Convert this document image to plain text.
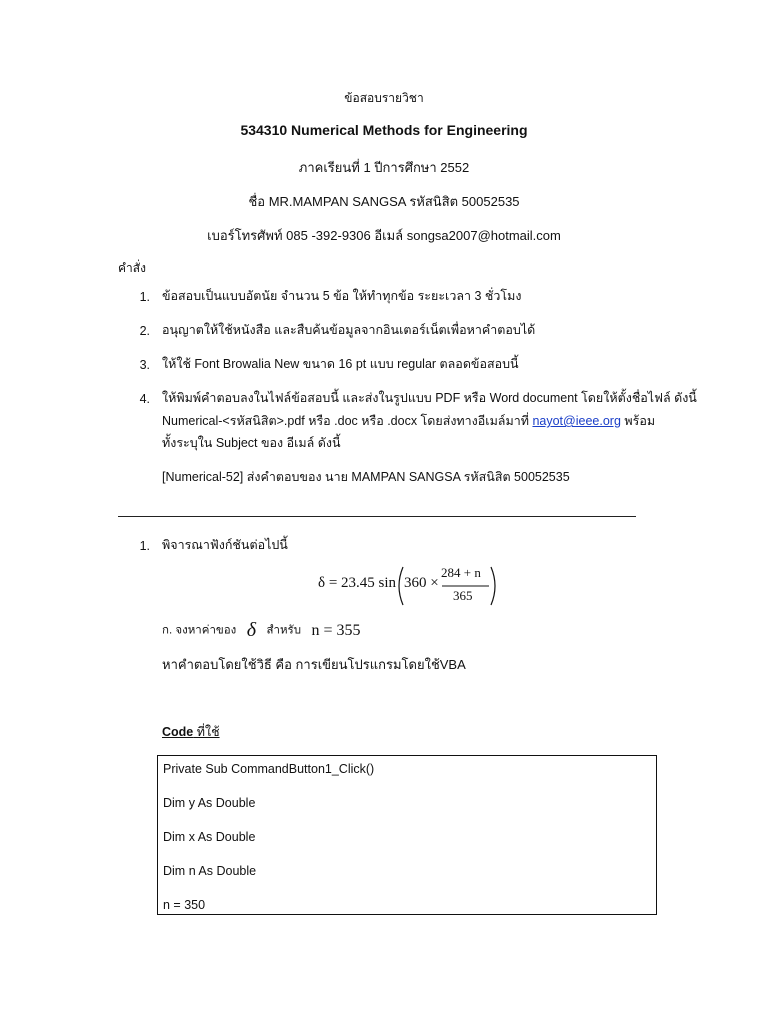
ข้อสอบรายวิชา
534310 Numerical Methods for Engineering
ภาคเรียนที่ 1 ปีการศึกษา 2552
ชื่อ MR.MAMPAN SANGSA รหัสนิสิต 50052535
เบอร์โทรศัพท์ 085 -392-9306 อีเมล์ songsa2007@hotmail.com
คำสั่ง
1. ข้อสอบเป็นแบบอัตนัย จำนวน 5 ข้อ ให้ทำทุกข้อ ระยะเวลา 3 ชั่วโมง
2. อนุญาตให้ใช้หนังสือ และสืบค้นข้อมูลจากอินเตอร์เน็ตเพื่อหาคำตอบได้
3. ให้ใช้ Font Browalia New ขนาด 16 pt แบบ regular ตลอดข้อสอบนี้
4. ให้พิมพ์คำตอบลงในไฟล์ข้อสอบนี้ และส่งในรูปแบบ PDF หรือ Word document โดยให้ตั้งชื่อไฟล์ ดังนี้
Numerical-<รหัสนิสิต>.pdf หรือ .doc หรือ .docx โดยส่งทางอีเมล์มาที่ nayot@ieee.org พร้อม
ทั้งระบุใน Subject ของ อีเมล์ ดังนี้
[Numerical-52] ส่งคำตอบของ นาย MAMPAN SANGSA รหัสนิสิต 50052535
1. พิจารณาฟังก์ชันต่อไปนี้
δ = 23.45 sin 360 ×
284 + n
365
ก. จงหาค่าของ δ สำหรับ n = 355
หาคำตอบโดยใช้วิธี คือ การเขียนโปรแกรมโดยใช้VBA
Code ที่ใช้
Private Sub CommandButton1_Click()
Dim y As Double
Dim x As Double
Dim n As Double
n = 350
